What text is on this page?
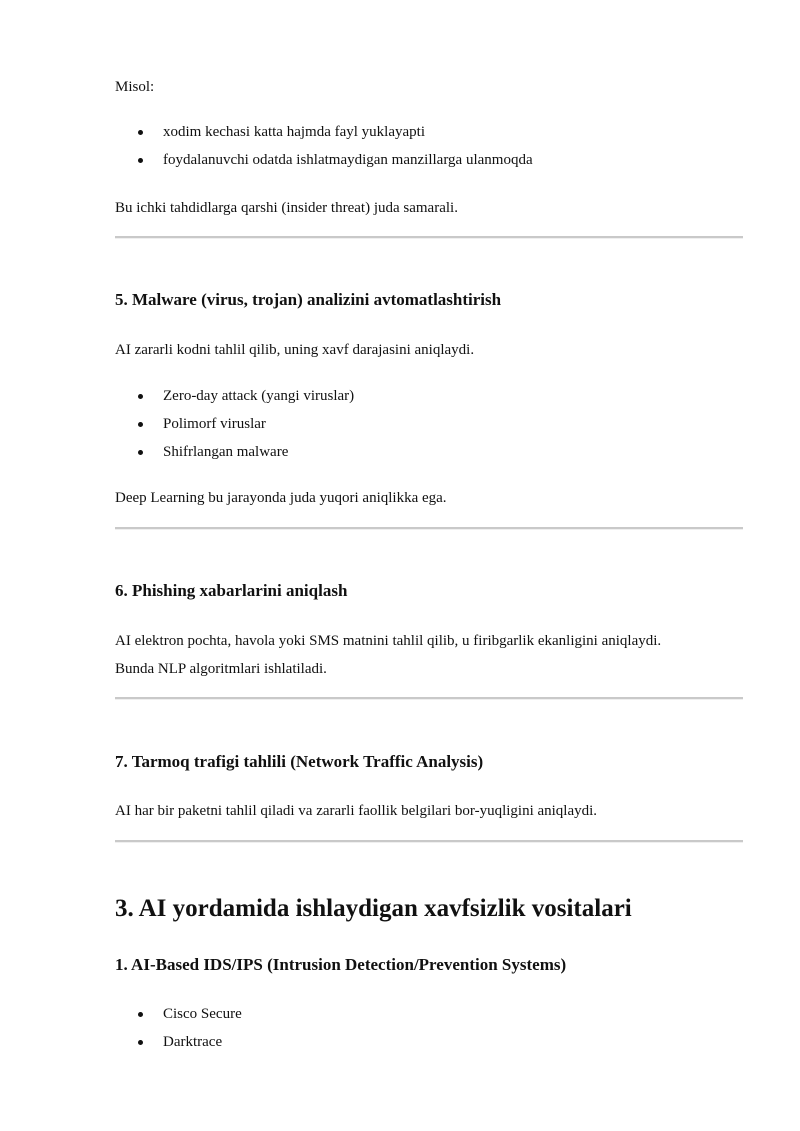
Misol:

xodim kechasi katta hajmda fayl yuklayapti
foydalanuvchi odatda ishlatmaydigan manzillarga ulanmoqda

Bu ichki tahdidlarga qarshi (insider threat) juda samarali.

5. Malware (virus, trojan) analizini avtomatlashtirish

AI zararli kodni tahlil qilib, uning xavf darajasini aniqlaydi.

Zero-day attack (yangi viruslar)
Polimorf viruslar
Shifrlangan malware

Deep Learning bu jarayonda juda yuqori aniqlikka ega.

6. Phishing xabarlarini aniqlash

AI elektron pochta, havola yoki SMS matnini tahlil qilib, u firibgarlik ekanligini aniqlaydi.

Bunda NLP algoritmlari ishlatiladi.

7. Tarmoq trafigi tahlili (Network Traffic Analysis)

AI har bir paketni tahlil qiladi va zararli faollik belgilari bor-yuqligini aniqlaydi.

3. AI yordamida ishlaydigan xavfsizlik vositalari
1. AI-Based IDS/IPS (Intrusion Detection/Prevention Systems)
Cisco Secure
Darktrace
